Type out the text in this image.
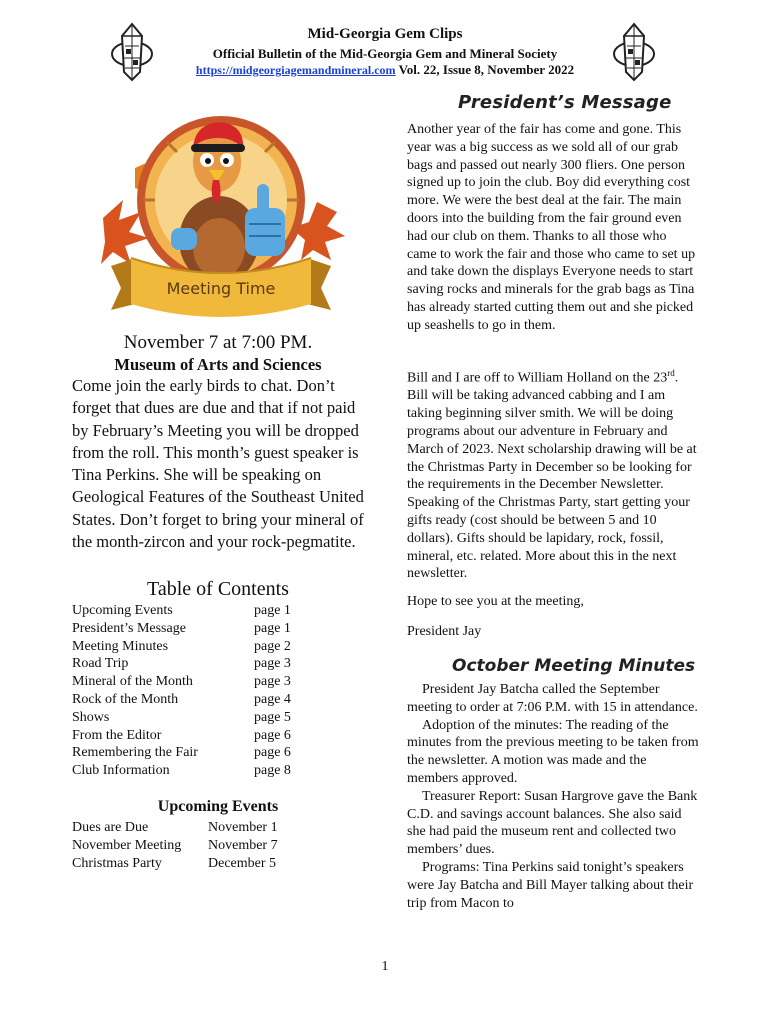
Mid-Georgia Gem Clips
Official Bulletin of the Mid-Georgia Gem and Mineral Society
https://midgeorgiagemandmineral.com Vol. 22, Issue 8, November 2022
President’s Message
Meeting Time
November 7 at 7:00 PM.
Museum of Arts and Sciences
Come join the early birds to chat. Don’t forget that dues are due and that if not paid by February’s Meeting you will be dropped from the roll. This month’s guest speaker is Tina Perkins. She will be speaking on Geological Features of the Southeast United States. Don’t forget to bring your mineral of the month-zircon and your rock-pegmatite.
Table of Contents
Upcoming Events	page 1
President’s Message	page 1
Meeting Minutes	page 2
Road Trip	page 3
Mineral of the Month	page 3
Rock of the Month	page 4
Shows	page 5
From the Editor	page 6
Remembering the Fair	page 6
Club Information	page 8
Upcoming Events
Dues are Due	November 1
November Meeting November 7
Christmas Party	December 5
Another year of the fair has come and gone. This year was a big success as we sold all of our grab bags and passed out nearly 300 fliers. One person signed up to join the club. Boy did everything cost more. We were the best deal at the fair. The main doors into the building from the fair ground even had our club on them. Thanks to all those who came to work the fair and those who came to set up and take down the displays Everyone needs to start saving rocks and minerals for the grab bags as Tina has already started cutting them out and she picked up seashells to go in them.
Bill and I are off to William Holland on the 23rd. Bill will be taking advanced cabbing and I am taking beginning silver smith. We will be doing programs about our adventure in February and March of 2023. Next scholarship drawing will be at the Christmas Party in December so be looking for the requirements in the December Newsletter. Speaking of the Christmas Party, start getting your gifts ready (cost should be between 5 and 10 dollars). Gifts should be lapidary, rock, fossil, mineral, etc. related. More about this in the next newsletter.
Hope to see you at the meeting,
President Jay
October Meeting Minutes

President Jay Batcha called the September meeting to order at 7:06 P.M. with 15 in attendance.

Adoption of the minutes: The reading of the minutes from the previous meeting to be taken from the newsletter. A motion was made and the members approved.

Treasurer Report: Susan Hargrove gave the Bank C.D. and savings account balances. She also said she had paid the museum rent and collected two members’ dues.

Programs: Tina Perkins said tonight’s speakers were Jay Batcha and Bill Mayer talking about their trip from Macon to

1
